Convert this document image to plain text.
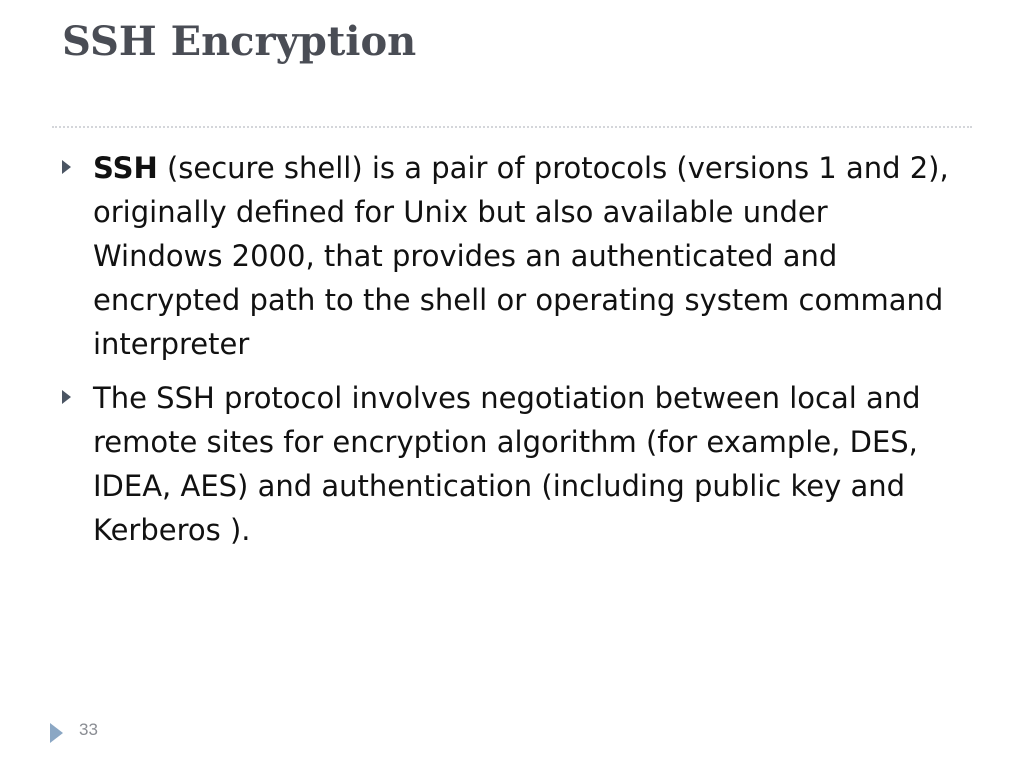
SSH Encryption
SSH (secure shell) is a pair of protocols (versions 1 and 2), originally defined for Unix but also available under Windows 2000, that provides an authenticated and encrypted path to the shell or operating system command interpreter
The SSH protocol involves negotiation between local and remote sites for encryption algorithm (for example, DES, IDEA, AES) and authentication (including public key and Kerberos ).
33
